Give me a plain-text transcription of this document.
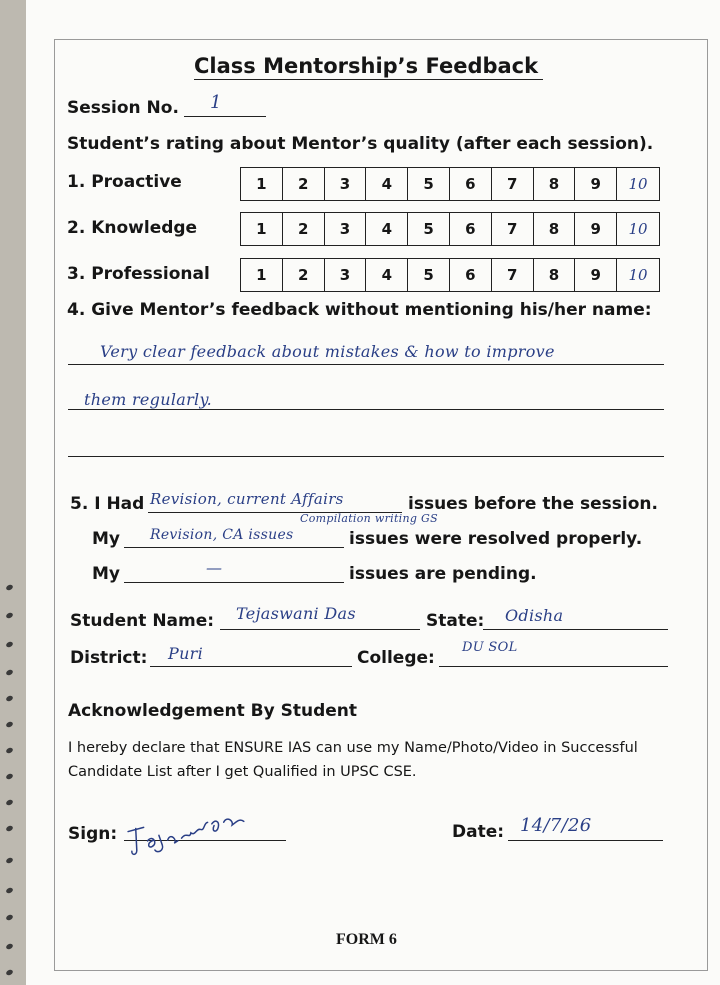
Class Mentorship’s Feedback
Session No. 1
Student’s rating about Mentor’s quality (after each session).
1. Proactive	1	2	3	4	5	6	7	8	9	10
2. Knowledge	1	2	3	4	5	6	7	8	9	10
3. Professional	1	2	3	4	5	6	7	8	9	10
4. Give Mentor’s feedback without mentioning his/her name:
Very clear feedback about mistakes & how to improve
them regularly.
5. I Had Revision, current Affairs
Compilation writing GS
issues before the session.
My Revision, CA issues	issues were resolved properly.
My	—	issues are pending.
Student Name: Tejaswani Das	State: Odisha
District: Puri	College:
DU SOL
Acknowledgement By Student
I hereby declare that ENSURE IAS can use my Name/Photo/Video in Successful
Candidate List after I get Qualified in UPSC CSE.
Sign:	Date: 14/7/26
FORM 6
